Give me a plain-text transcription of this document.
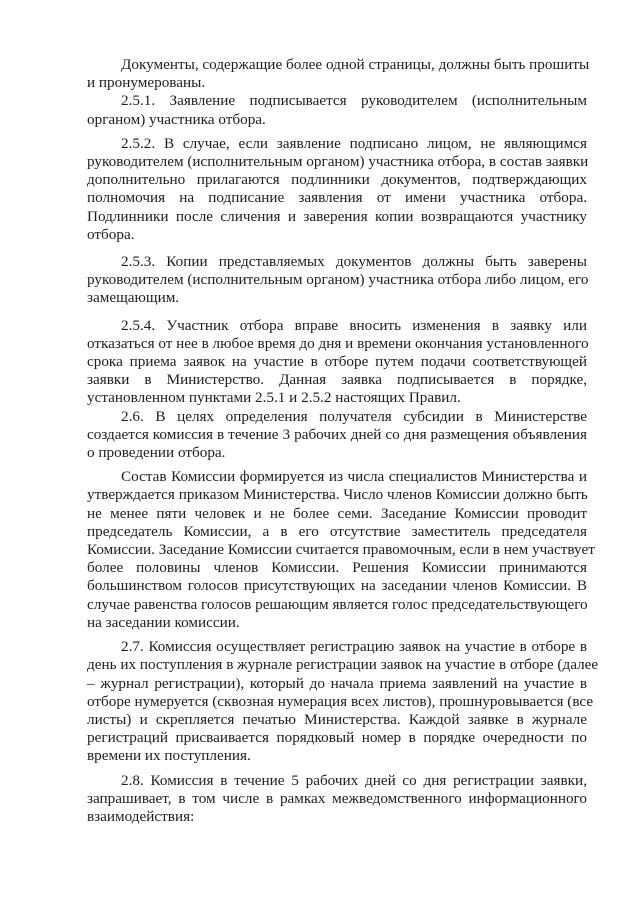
Документы, содержащие более одной страницы, должны быть прошиты
и пронумерованы.

2.5.1. Заявление подписывается руководителем (исполнительным
органом) участника отбора.

2.5.2. В случае, если заявление подписано лицом, не являющимся
руководителем (исполнительным органом) участника отбора, в состав заявки
дополнительно прилагаются подлинники документов, подтверждающих
полномочия на подписание заявления от имени участника отбора.
Подлинники после сличения и заверения копии возвращаются участнику
отбора.

2.5.3. Копии представляемых документов должны быть заверены
руководителем (исполнительным органом) участника отбора либо лицом, его
замещающим.

2.5.4. Участник отбора вправе вносить изменения в заявку или
отказаться от нее в любое время до дня и времени окончания установленного
срока приема заявок на участие в отборе путем подачи соответствующей
заявки в Министерство. Данная заявка подписывается в порядке,
установленном пунктами 2.5.1 и 2.5.2 настоящих Правил.

2.6. В целях определения получателя субсидии в Министерстве
создается комиссия в течение 3 рабочих дней со дня размещения объявления
о проведении отбора.

Состав Комиссии формируется из числа специалистов Министерства и
утверждается приказом Министерства. Число членов Комиссии должно быть
не менее пяти человек и не более семи. Заседание Комиссии проводит
председатель Комиссии, а в его отсутствие заместитель председателя
Комиссии. Заседание Комиссии считается правомочным, если в нем участвует
более половины членов Комиссии. Решения Комиссии принимаются
большинством голосов присутствующих на заседании членов Комиссии. В
случае равенства голосов решающим является голос председательствующего
на заседании комиссии.

2.7. Комиссия осуществляет регистрацию заявок на участие в отборе в
день их поступления в журнале регистрации заявок на участие в отборе (далее
– журнал регистрации), который до начала приема заявлений на участие в
отборе нумеруется (сквозная нумерация всех листов), прошнуровывается (все
листы) и скрепляется печатью Министерства. Каждой заявке в журнале
регистраций присваивается порядковый номер в порядке очередности по
времени их поступления.

2.8. Комиссия в течение 5 рабочих дней со дня регистрации заявки,
запрашивает, в том числе в рамках межведомственного информационного
взаимодействия:
